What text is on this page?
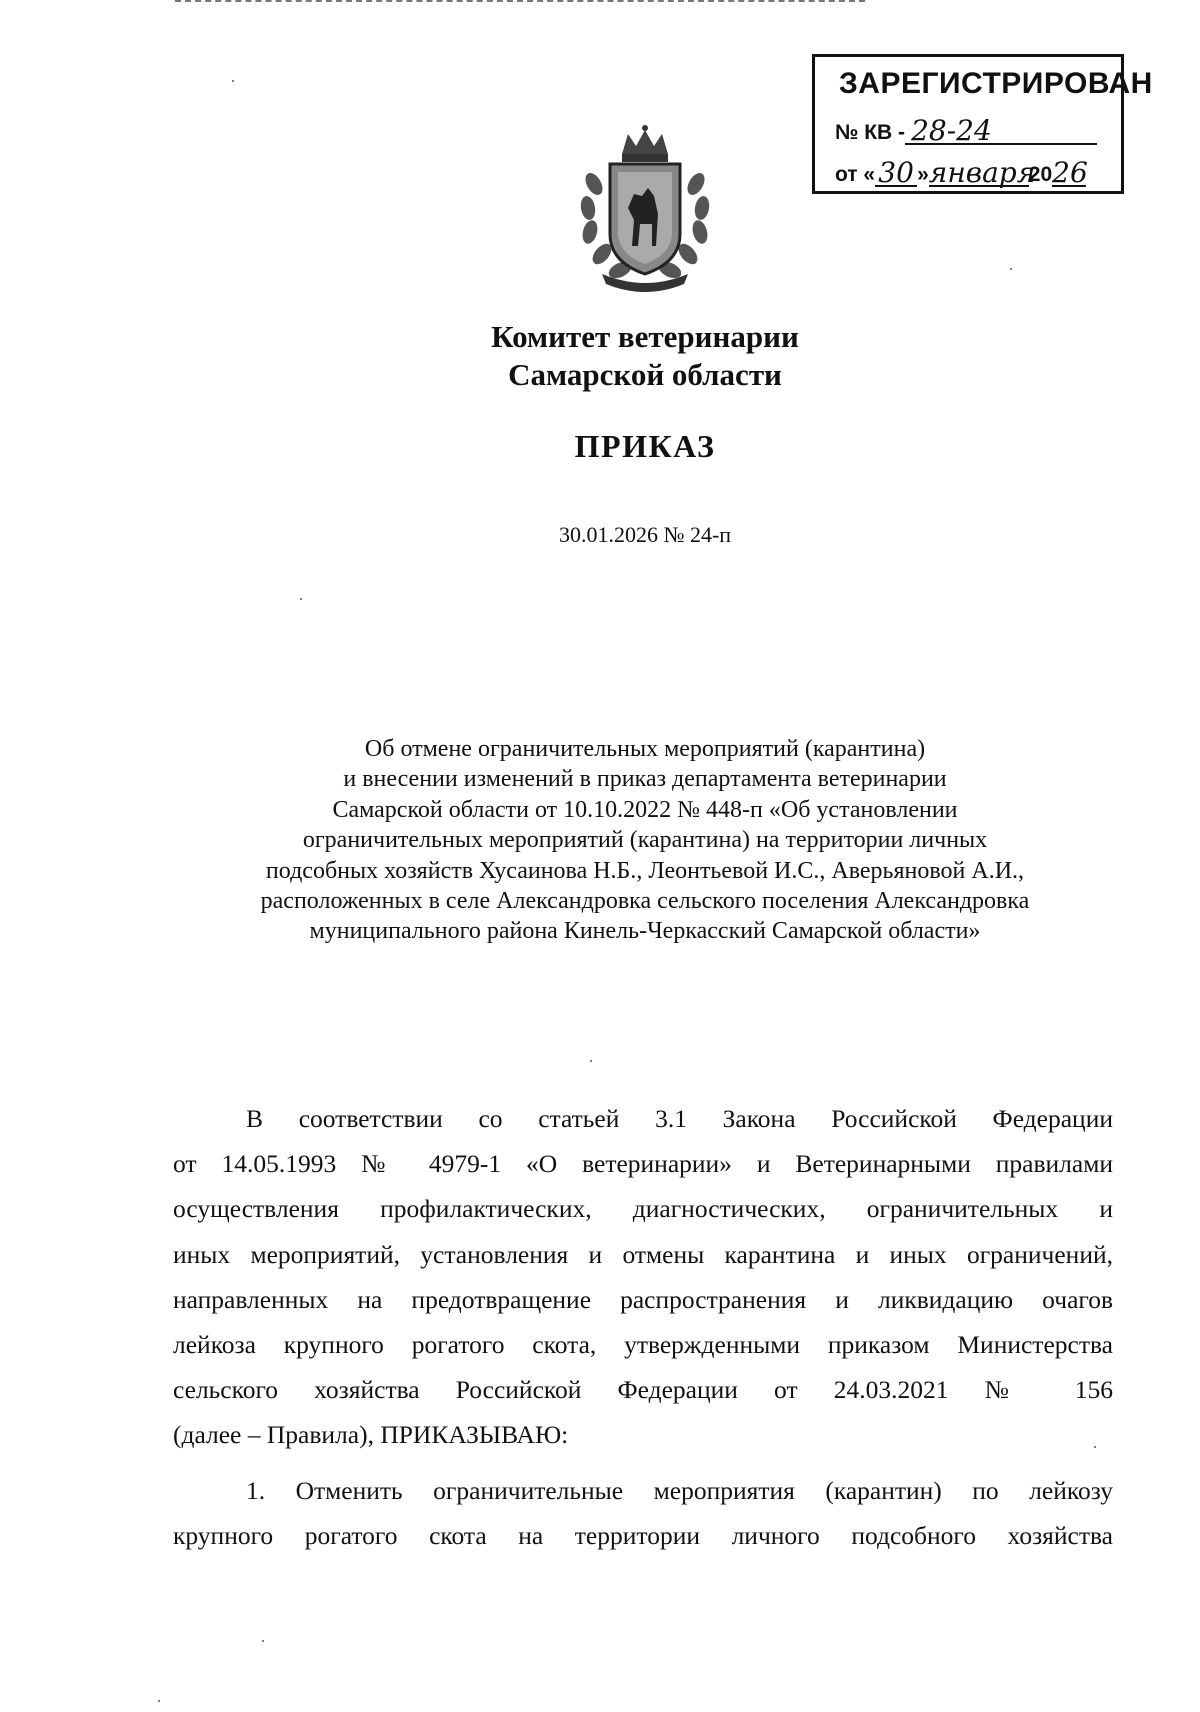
ЗАРЕГИСТРИРОВАН
№ КВ - 28-24
от « 30 »января2026
Комитет ветеринарии
Самарской области
ПРИКАЗ
30.01.2026 № 24-п
Об отмене ограничительных мероприятий (карантина)
и внесении изменений в приказ департамента ветеринарии
Самарской области от 10.10.2022 № 448-п «Об установлении
ограничительных мероприятий (карантина) на территории личных
подсобных хозяйств Хусаинова Н.Б., Леонтьевой И.С., Аверьяновой А.И.,
расположенных в селе Александровка сельского поселения Александровка
муниципального района Кинель-Черкасский Самарской области»
В соответствии со статьей 3.1 Закона Российской Федерации
от 14.05.1993 № 4979-1 «О ветеринарии» и Ветеринарными правилами
осуществления профилактических, диагностических, ограничительных и
иных мероприятий, установления и отмены карантина и иных ограничений,
направленных на предотвращение распространения и ликвидацию очагов
лейкоза крупного рогатого скота, утвержденными приказом Министерства
сельского хозяйства Российской Федерации от 24.03.2021 № 156
(далее – Правила), ПРИКАЗЫВАЮ:
1. Отменить ограничительные мероприятия (карантин) по лейкозу
крупного рогатого скота на территории личного подсобного хозяйства
